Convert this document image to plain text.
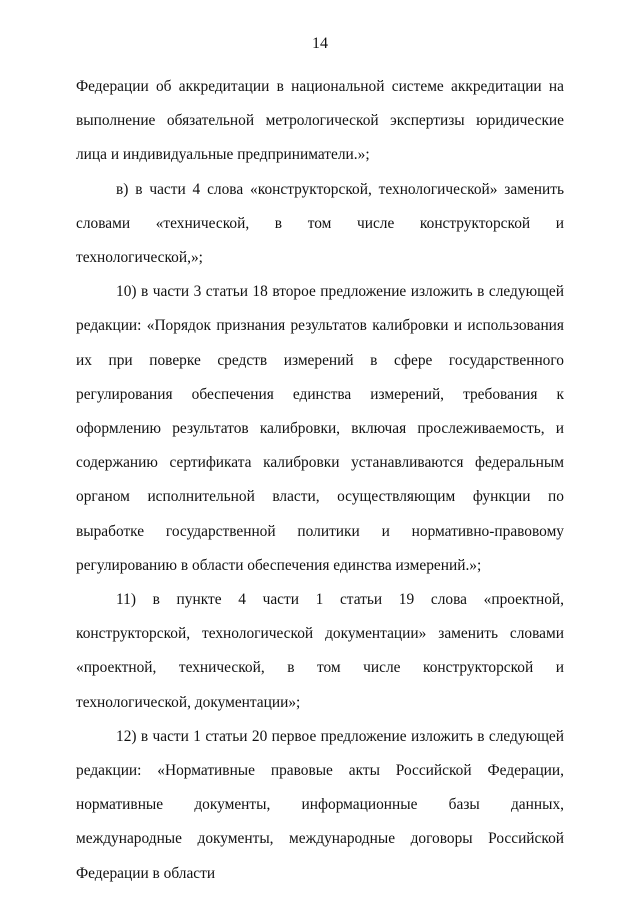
14

Федерации об аккредитации в национальной системе аккредитации на выполнение обязательной метрологической экспертизы юридические лица и индивидуальные предприниматели.»;

в) в части 4 слова «конструкторской, технологической» заменить словами «технической, в том числе конструкторской и технологической,»;

10) в части 3 статьи 18 второе предложение изложить в следующей редакции: «Порядок признания результатов калибровки и использования их при поверке средств измерений в сфере государственного регулирования обеспечения единства измерений, требования к оформлению результатов калибровки, включая прослеживаемость, и содержанию сертификата калибровки устанавливаются федеральным органом исполнительной власти, осуществляющим функции по выработке государственной политики и нормативно-правовому регулированию в области обеспечения единства измерений.»;

11) в пункте 4 части 1 статьи 19 слова «проектной, конструкторской, технологической документации» заменить словами «проектной, технической, в том числе конструкторской и технологической, документации»;

12) в части 1 статьи 20 первое предложение изложить в следующей редакции: «Нормативные правовые акты Российской Федерации, нормативные документы, информационные базы данных, международные документы, международные договоры Российской Федерации в области
